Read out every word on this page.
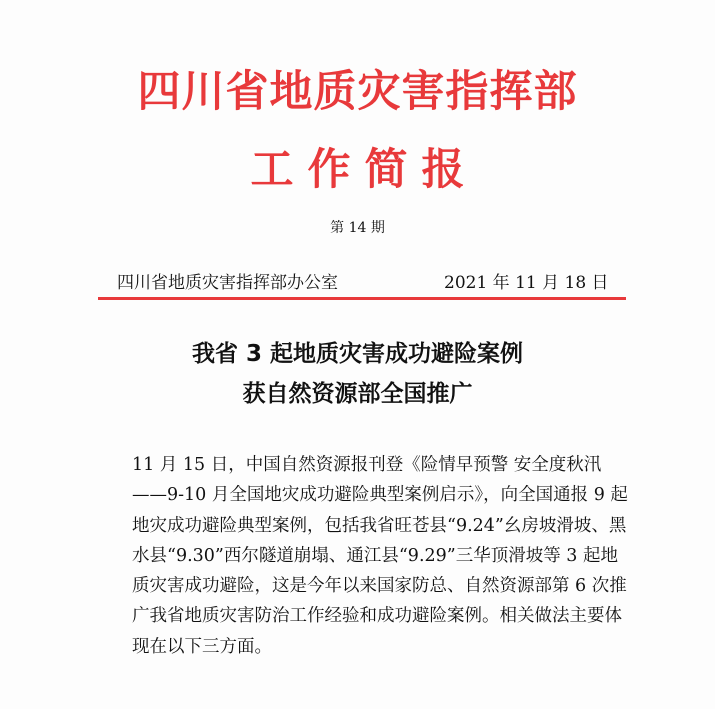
四川省地质灾害指挥部
工作简报
第 14 期
四川省地质灾害指挥部办公室	2021 年 11 月 18 日
我省 3 起地质灾害成功避险案例
获自然资源部全国推广
11 月 15 日，中国自然资源报刊登《险情早预警 安全度秋汛——9-10 月全国地灾成功避险典型案例启示》，向全国通报 9 起地灾成功避险典型案例，包括我省旺苍县“9.24”幺房坡滑坡、黑水县“9.30”西尔隧道崩塌、通江县“9.29”三华顶滑坡等 3 起地质灾害成功避险，这是今年以来国家防总、自然资源部第 6 次推广我省地质灾害防治工作经验和成功避险案例。相关做法主要体现在以下三方面。
